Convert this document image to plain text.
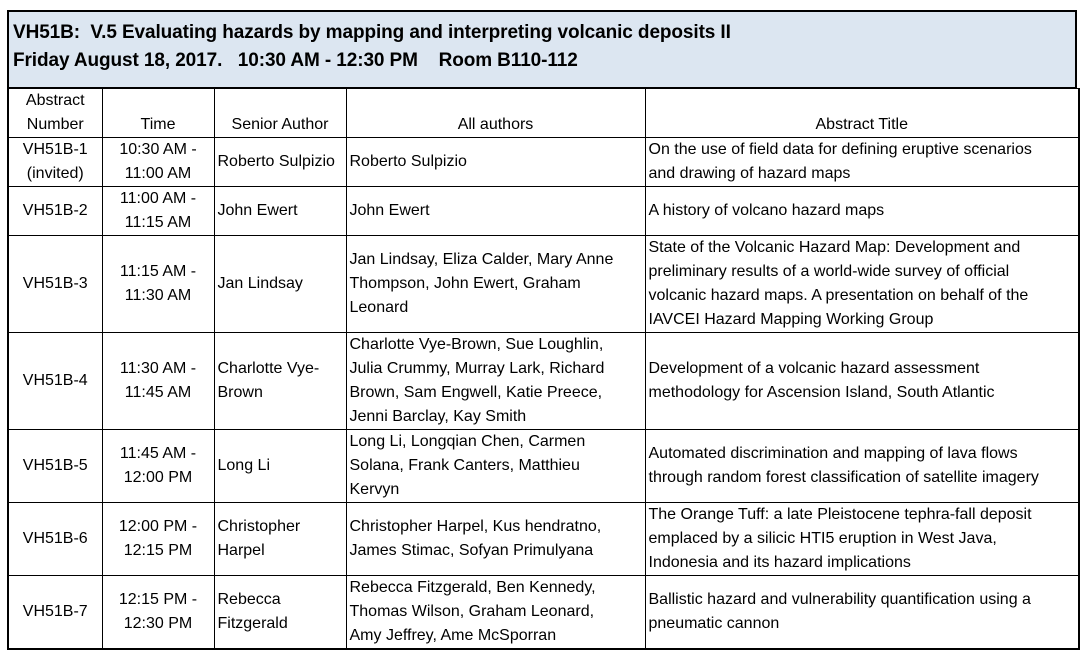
VH51B:  V.5 Evaluating hazards by mapping and interpreting volcanic deposits II
Friday August 18, 2017.   10:30 AM - 12:30 PM    Room B110-112
Abstract
Number	Time	Senior Author	All authors	Abstract Title

VH51B-1
(invited)	10:30 AM -
11:00 AM	Roberto Sulpizio	Roberto Sulpizio	On the use of field data for defining eruptive scenarios
and drawing of hazard maps

VH51B-2	11:00 AM -
11:15 AM	John Ewert	John Ewert	A history of volcano hazard maps

VH51B-3	11:15 AM -
11:30 AM	Jan Lindsay	Jan Lindsay, Eliza Calder, Mary Anne
Thompson, John Ewert, Graham
Leonard	State of the Volcanic Hazard Map: Development and
preliminary results of a world-wide survey of official
volcanic hazard maps. A presentation on behalf of the
IAVCEI Hazard Mapping Working Group

VH51B-4	11:30 AM -
11:45 AM	Charlotte Vye-
Brown	Charlotte Vye-Brown, Sue Loughlin,
Julia Crummy, Murray Lark, Richard
Brown, Sam Engwell, Katie Preece,
Jenni Barclay, Kay Smith	Development of a volcanic hazard assessment
methodology for Ascension Island, South Atlantic

VH51B-5	11:45 AM -
12:00 PM	Long Li	Long Li, Longqian Chen, Carmen
Solana, Frank Canters, Matthieu
Kervyn	Automated discrimination and mapping of lava flows
through random forest classification of satellite imagery

VH51B-6	12:00 PM -
12:15 PM	Christopher
Harpel	Christopher Harpel, Kus hendratno,
James Stimac, Sofyan Primulyana	The Orange Tuff: a late Pleistocene tephra-fall deposit
emplaced by a silicic HTI5 eruption in West Java,
Indonesia and its hazard implications

VH51B-7	12:15 PM -
12:30 PM	Rebecca
Fitzgerald	Rebecca Fitzgerald, Ben Kennedy,
Thomas Wilson, Graham Leonard,
Amy Jeffrey, Ame McSporran	Ballistic hazard and vulnerability quantification using a
pneumatic cannon
